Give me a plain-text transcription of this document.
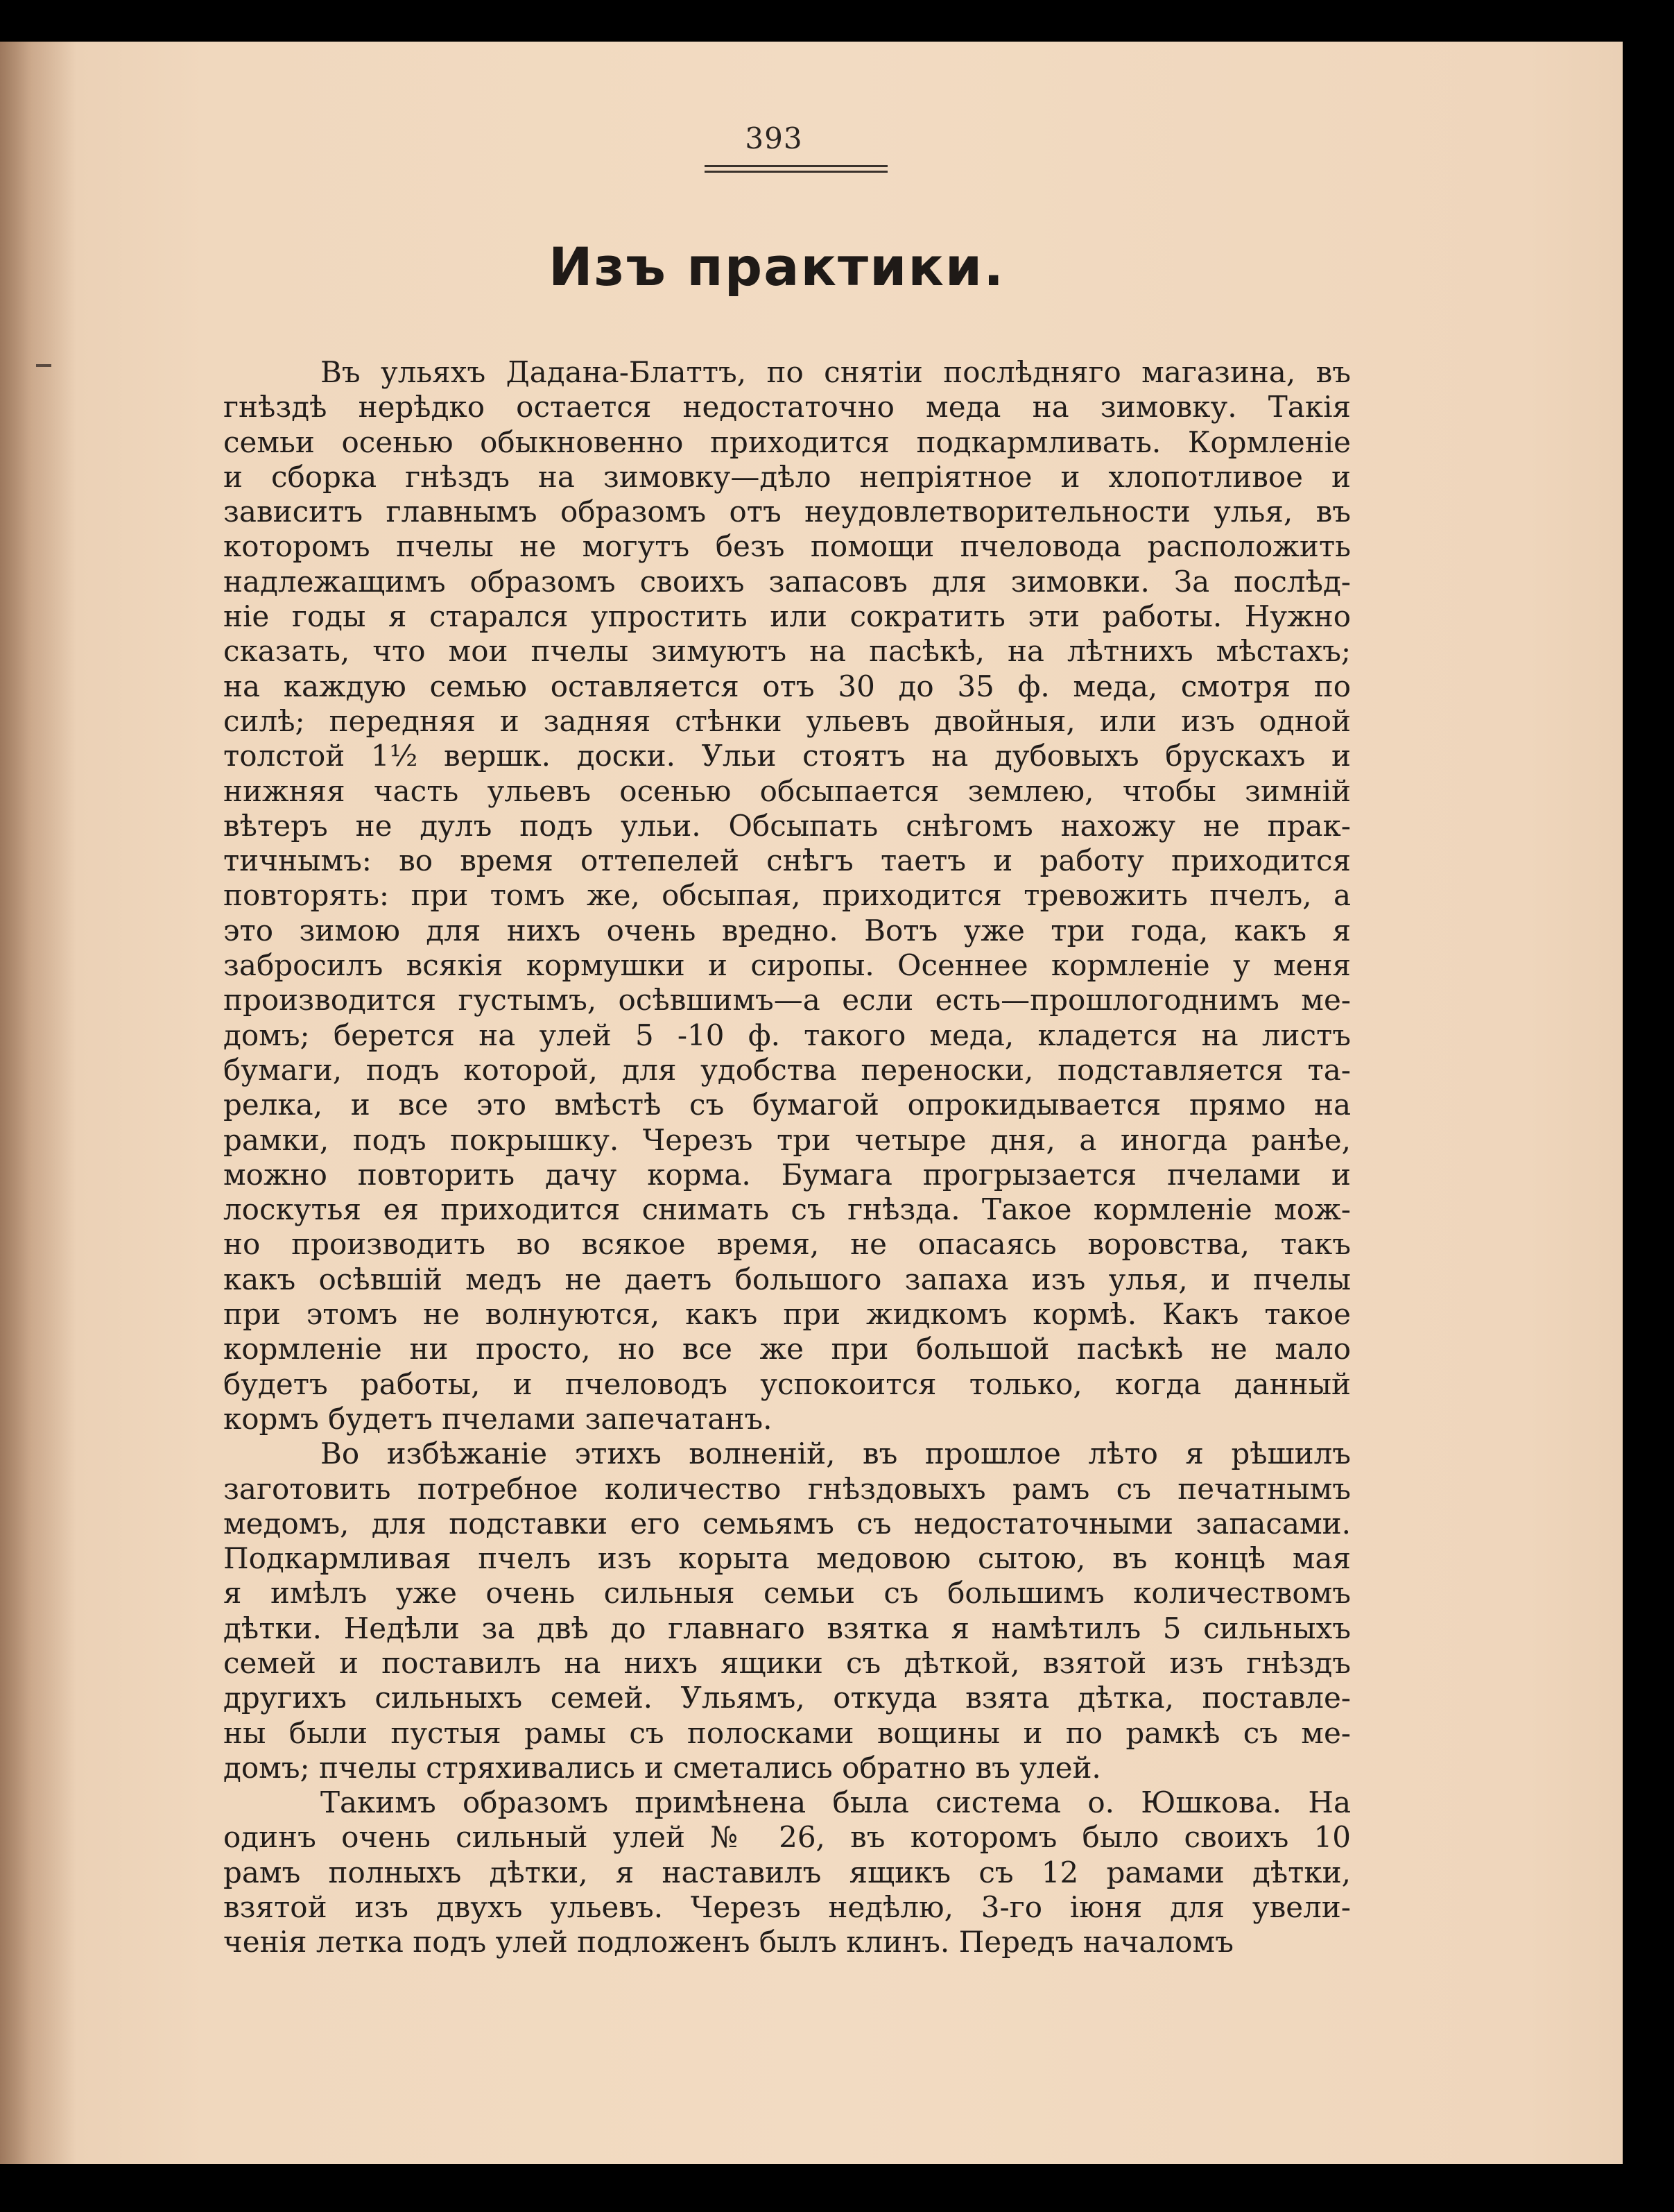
393
Изъ практики.
Въ ульяхъ Дадана-Блаттъ, по снятіи послѣдняго магазина, въ
гнѣздѣ нерѣдко остается недостаточно меда на зимовку. Такія
семьи осенью обыкновенно приходится подкармливать. Кормленіе
и сборка гнѣздъ на зимовку—дѣло непріятное и хлопотливое и
зависитъ главнымъ образомъ отъ неудовлетворительности улья, въ
которомъ пчелы не могутъ безъ помощи пчеловода расположить
надлежащимъ образомъ своихъ запасовъ для зимовки. За послѣд-
ніе годы я старался упростить или сократить эти работы. Нужно
сказать, что мои пчелы зимуютъ на пасѣкѣ, на лѣтнихъ мѣстахъ;
на каждую семью оставляется отъ 30 до 35 ф. меда, смотря по
силѣ; передняя и задняя стѣнки ульевъ двойныя, или изъ одной
толстой 1½ вершк. доски. Ульи стоятъ на дубовыхъ брускахъ и
нижняя часть ульевъ осенью обсыпается землею, чтобы зимній
вѣтеръ не дулъ подъ ульи. Обсыпать снѣгомъ нахожу не прак-
тичнымъ: во время оттепелей снѣгъ таетъ и работу приходится
повторять: при томъ же, обсыпая, приходится тревожить пчелъ, а
это зимою для нихъ очень вредно. Вотъ уже три года, какъ я
забросилъ всякія кормушки и сиропы. Осеннее кормленіе у меня
производится густымъ, осѣвшимъ—а если есть—прошлогоднимъ ме-
домъ; берется на улей 5 -10 ф. такого меда, кладется на листъ
бумаги, подъ которой, для удобства переноски, подставляется та-
релка, и все это вмѣстѣ съ бумагой опрокидывается прямо на
рамки, подъ покрышку. Черезъ три четыре дня, а иногда ранѣе,
можно повторить дачу корма. Бумага прогрызается пчелами и
лоскутья ея приходится снимать съ гнѣзда. Такое кормленіе мож-
но производить во всякое время, не опасаясь воровства, такъ
какъ осѣвшій медъ не даетъ большого запаха изъ улья, и пчелы
при этомъ не волнуются, какъ при жидкомъ кормѣ. Какъ такое
кормленіе ни просто, но все же при большой пасѣкѣ не мало
будетъ работы, и пчеловодъ успокоится только, когда данный
кормъ будетъ пчелами запечатанъ.
Во избѣжаніе этихъ волненій, въ прошлое лѣто я рѣшилъ
заготовить потребное количество гнѣздовыхъ рамъ съ печатнымъ
медомъ, для подставки его семьямъ съ недостаточными запасами.
Подкармливая пчелъ изъ корыта медовою сытою, въ концѣ мая
я имѣлъ уже очень сильныя семьи съ большимъ количествомъ
дѣтки. Недѣли за двѣ до главнаго взятка я намѣтилъ 5 сильныхъ
семей и поставилъ на нихъ ящики съ дѣткой, взятой изъ гнѣздъ
другихъ сильныхъ семей. Ульямъ, откуда взята дѣтка, поставле-
ны были пустыя рамы съ полосками вощины и по рамкѣ съ ме-
домъ; пчелы стряхивались и сметались обратно въ улей.
Такимъ образомъ примѣнена была система о. Юшкова. На
одинъ очень сильный улей № 26, въ которомъ было своихъ 10
рамъ полныхъ дѣтки, я наставилъ ящикъ съ 12 рамами дѣтки,
взятой изъ двухъ ульевъ. Черезъ недѣлю, 3-го іюня для увели-
ченія летка подъ улей подложенъ былъ клинъ. Передъ началомъ
